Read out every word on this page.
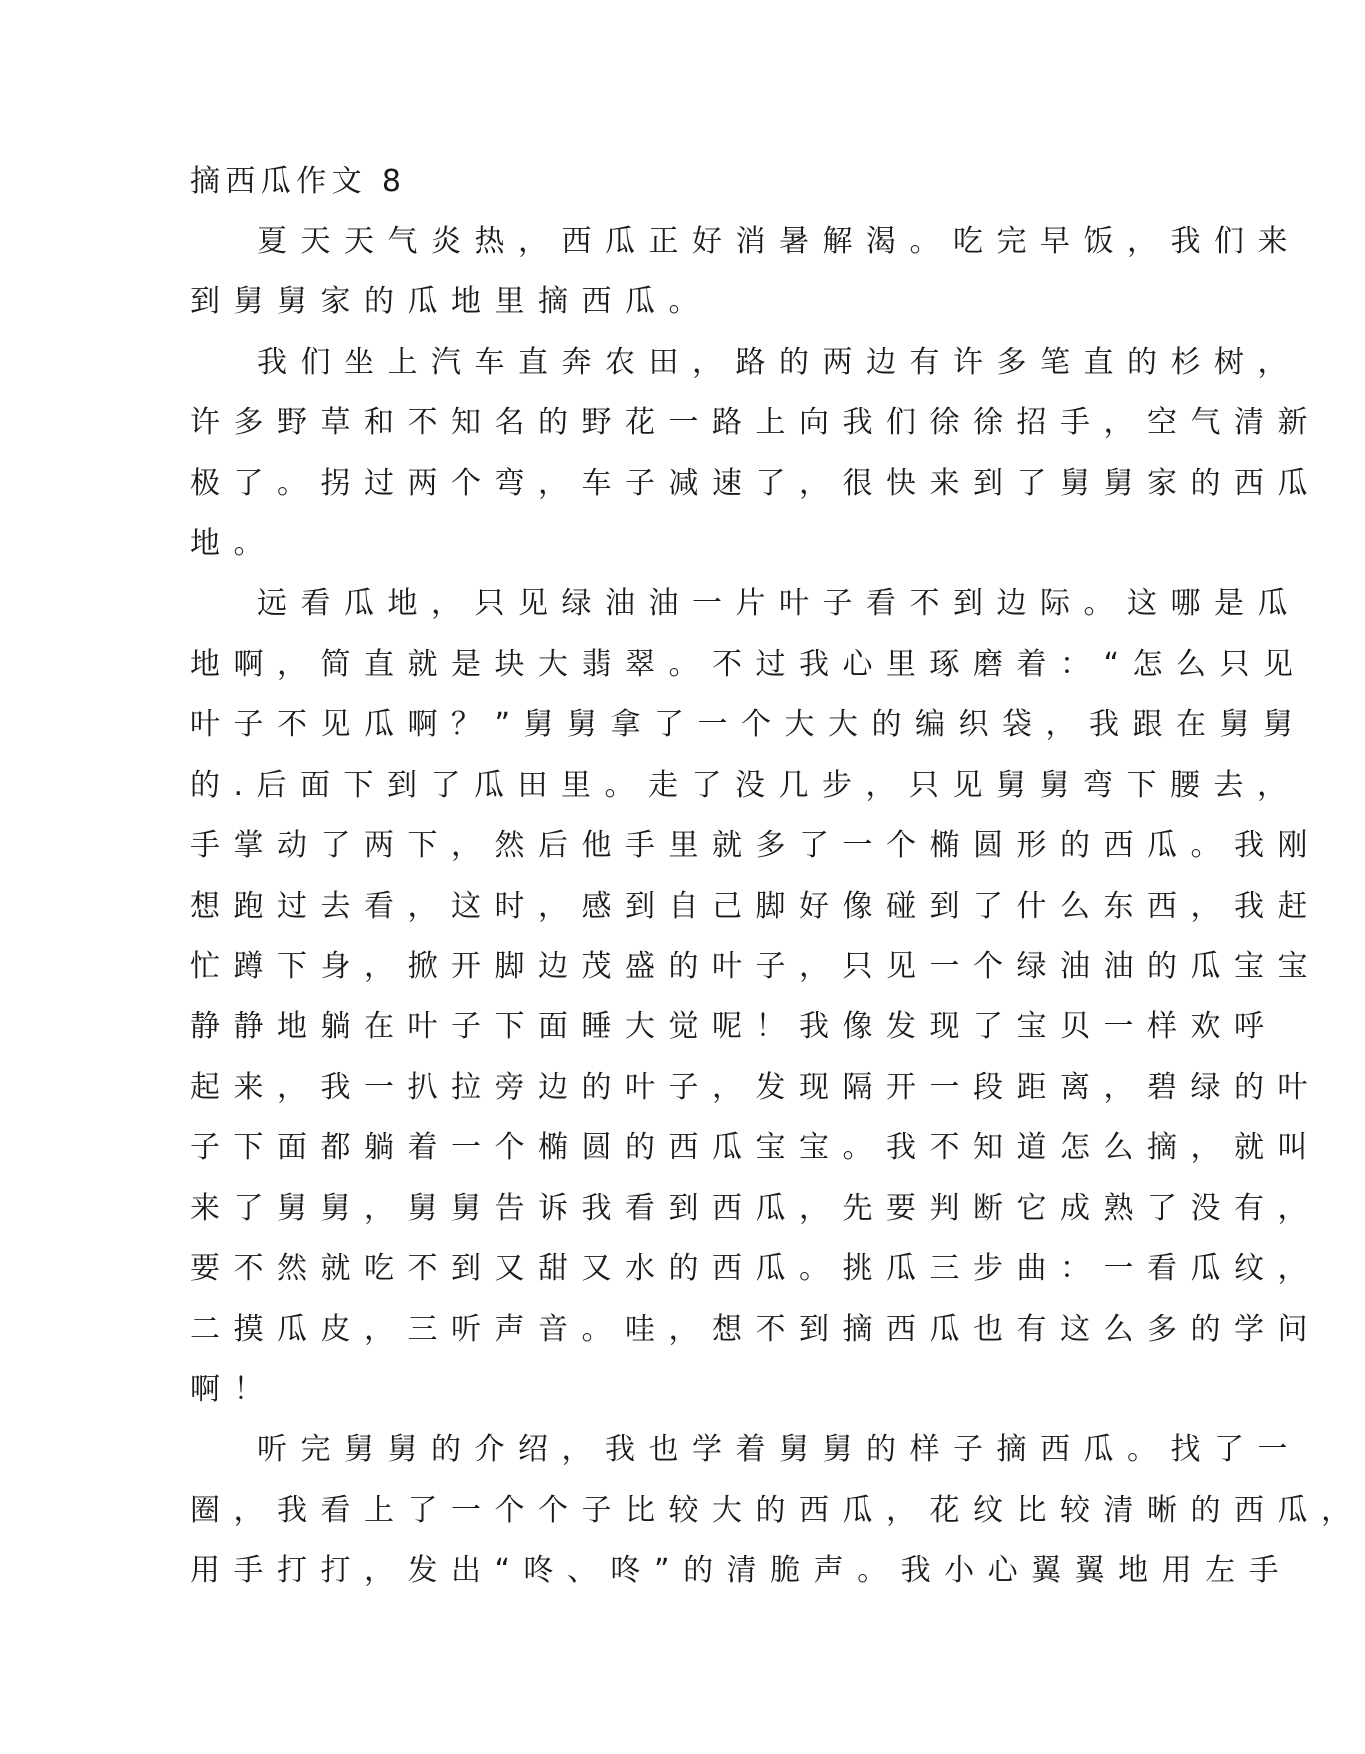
摘西瓜作文 8
夏天天气炎热，西瓜正好消暑解渴。吃完早饭，我们来
到舅舅家的瓜地里摘西瓜。
我们坐上汽车直奔农田，路的两边有许多笔直的杉树，
许多野草和不知名的野花一路上向我们徐徐招手，空气清新
极了。拐过两个弯，车子减速了，很快来到了舅舅家的西瓜
地。
远看瓜地，只见绿油油一片叶子看不到边际。这哪是瓜
地啊，简直就是块大翡翠。不过我心里琢磨着：“怎么只见
叶子不见瓜啊？”舅舅拿了一个大大的编织袋，我跟在舅舅
的.后面下到了瓜田里。走了没几步，只见舅舅弯下腰去，
手掌动了两下，然后他手里就多了一个椭圆形的西瓜。我刚
想跑过去看，这时，感到自己脚好像碰到了什么东西，我赶
忙蹲下身，掀开脚边茂盛的叶子，只见一个绿油油的瓜宝宝
静静地躺在叶子下面睡大觉呢！我像发现了宝贝一样欢呼
起来，我一扒拉旁边的叶子，发现隔开一段距离，碧绿的叶
子下面都躺着一个椭圆的西瓜宝宝。我不知道怎么摘，就叫
来了舅舅，舅舅告诉我看到西瓜，先要判断它成熟了没有，
要不然就吃不到又甜又水的西瓜。挑瓜三步曲：一看瓜纹，
二摸瓜皮，三听声音。哇，想不到摘西瓜也有这么多的学问
啊！
听完舅舅的介绍，我也学着舅舅的样子摘西瓜。找了一
圈，我看上了一个个子比较大的西瓜，花纹比较清晰的西瓜，
用手打打，发出“咚、咚”的清脆声。我小心翼翼地用左手
